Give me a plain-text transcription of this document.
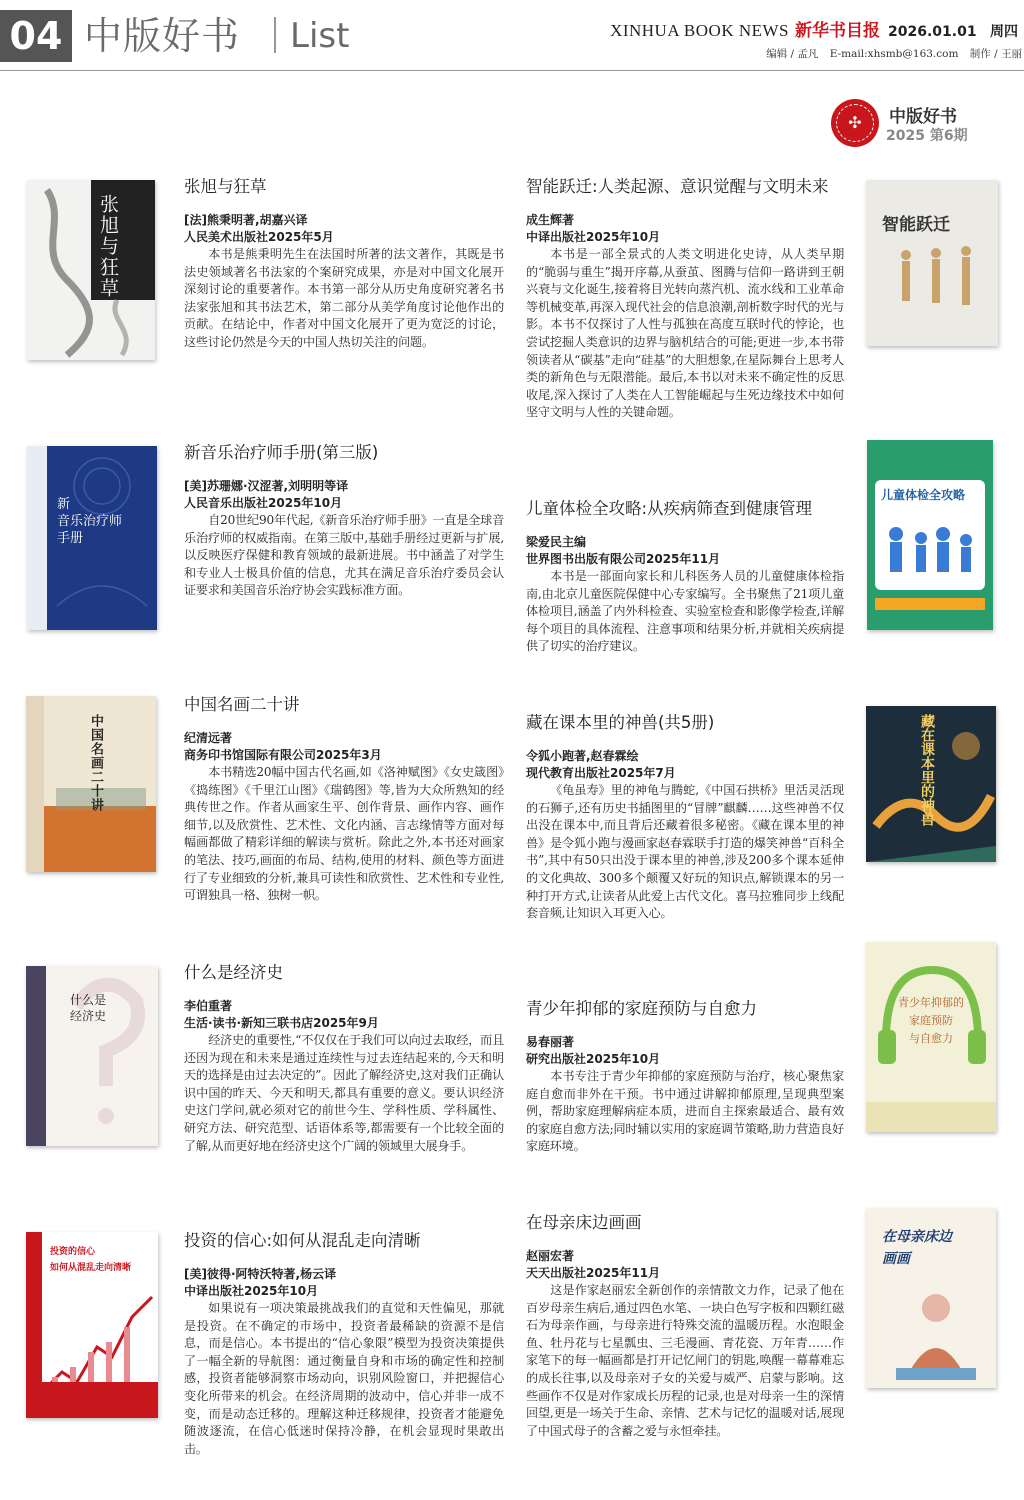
04 中版好书 List	XINHUA BOOK NEWS 新华书目报 2026.01.01 周四
编辑 / 孟凡 E-mail:xhsmb@163.com 制作 / 王丽
✣	中版好书
2025 第6期
张旭与狂草
新
音乐治疗师
手册
中国名画二十讲
什么是
经济史
投资的信心
如何从混乱走向清晰
智能跃迁
儿童体检全攻略
藏在课本里的神兽
青少年抑郁的
家庭预防
与自愈力
在母亲床边
画画
张旭与狂草
[法]熊秉明著,胡嘉兴译
人民美术出版社2025年5月
本书是熊秉明先生在法国时所著的法文著作，其既是书法史领域著名书法家的个案研究成果，亦是对中国文化展开深刻讨论的重要著作。本书第一部分从历史角度研究著名书法家张旭和其书法艺术，第二部分从美学角度讨论他作出的贡献。在结论中，作者对中国文化展开了更为宽泛的讨论，这些讨论仍然是今天的中国人热切关注的问题。
新音乐治疗师手册(第三版)
[美]苏珊娜·汉涩著,刘明明等译
人民音乐出版社2025年10月
自20世纪90年代起,《新音乐治疗师手册》一直是全球音乐治疗师的权威指南。在第三版中,基础手册经过更新与扩展,以反映医疗保健和教育领域的最新进展。书中涵盖了对学生和专业人士极具价值的信息，尤其在满足音乐治疗委员会认证要求和美国音乐治疗协会实践标准方面。
中国名画二十讲
纪清远著
商务印书馆国际有限公司2025年3月
本书精选20幅中国古代名画,如《洛神赋图》《女史箴图》《捣练图》《千里江山图》《瑞鹤图》等,皆为大众所熟知的经典传世之作。作者从画家生平、创作背景、画作内容、画作细节,以及欣赏性、艺术性、文化内涵、言志缘情等方面对每幅画都做了精彩详细的解读与赏析。除此之外,本书还对画家的笔法、技巧,画面的布局、结构,使用的材料、颜色等方面进行了专业细致的分析,兼具可读性和欣赏性、艺术性和专业性,可谓独具一格、独树一帜。
什么是经济史
李伯重著
生活·读书·新知三联书店2025年9月
经济史的重要性,“不仅仅在于我们可以向过去取经，而且还因为现在和未来是通过连续性与过去连结起来的,今天和明天的选择是由过去决定的”。因此了解经济史,这对我们正确认识中国的昨天、今天和明天,都具有重要的意义。要认识经济史这门学问,就必须对它的前世今生、学科性质、学科属性、研究方法、研究范型、话语体系等,都需要有一个比较全面的了解,从而更好地在经济史这个广阔的领域里大展身手。
投资的信心:如何从混乱走向清晰
[美]彼得·阿特沃特著,杨云译
中译出版社2025年10月
如果说有一项决策最挑战我们的直觉和天性偏见，那就是投资。在不确定的市场中，投资者最稀缺的资源不是信息，而是信心。本书提出的“信心象限”模型为投资决策提供了一幅全新的导航图：通过衡量自身和市场的确定性和控制感，投资者能够洞察市场动向，识别风险窗口，并把握信心变化所带来的机会。在经济周期的波动中，信心并非一成不变，而是动态迁移的。理解这种迁移规律，投资者才能避免随波逐流，在信心低迷时保持冷静，在机会显现时果敢出击。
智能跃迁:人类起源、意识觉醒与文明未来
成生辉著
中译出版社2025年10月
本书是一部全景式的人类文明进化史诗，从人类早期的“脆弱与重生”揭开序幕,从蚕茧、图腾与信仰一路讲到王朝兴衰与文化诞生,接着将目光转向蒸汽机、流水线和工业革命等机械变革,再深入现代社会的信息浪潮,剖析数字时代的光与影。本书不仅探讨了人性与孤独在高度互联时代的悖论，也尝试挖掘人类意识的边界与脑机结合的可能;更进一步,本书带领读者从“碳基”走向“硅基”的大胆想象,在星际舞台上思考人类的新角色与无限潜能。最后,本书以对未来不确定性的反思收尾,深入探讨了人类在人工智能崛起与生死边缘技术中如何坚守文明与人性的关键命题。
儿童体检全攻略:从疾病筛查到健康管理
梁爱民主编
世界图书出版有限公司2025年11月
本书是一部面向家长和儿科医务人员的儿童健康体检指南,由北京儿童医院保健中心专家编写。全书聚焦了21项儿童体检项目,涵盖了内外科检查、实验室检查和影像学检查,详解每个项目的具体流程、注意事项和结果分析,并就相关疾病提供了切实的治疗建议。
藏在课本里的神兽(共5册)
令狐小跑著,赵春霖绘
现代教育出版社2025年7月
《龟虽寿》里的神龟与腾蛇,《中国石拱桥》里活灵活现的石狮子,还有历史书插图里的“冒牌”麒麟……这些神兽不仅出没在课本中,而且背后还藏着很多秘密。《藏在课本里的神兽》是令狐小跑与漫画家赵春霖联手打造的爆笑神兽“百科全书”,其中有50只出没于课本里的神兽,涉及200多个课本延伸的文化典故、300多个颠覆又好玩的知识点,解锁课本的另一种打开方式,让读者从此爱上古代文化。喜马拉雅同步上线配套音频,让知识入耳更入心。
青少年抑郁的家庭预防与自愈力
易春丽著
研究出版社2025年10月
本书专注于青少年抑郁的家庭预防与治疗，核心聚焦家庭自愈而非外在干预。书中通过讲解抑郁原理,呈现典型案例，帮助家庭理解病症本质，进而自主探索最适合、最有效的家庭自愈方法;同时辅以实用的家庭调节策略,助力营造良好家庭环境。
在母亲床边画画
赵丽宏著
天天出版社2025年11月
这是作家赵丽宏全新创作的亲情散文力作，记录了他在百岁母亲生病后,通过四色水笔、一块白色写字板和四颗红磁石为母亲作画，与母亲进行特殊交流的温暖历程。水泡眼金鱼、牡丹花与七星瓢虫、三毛漫画、青花瓷、万年青……作家笔下的每一幅画都是打开记忆闸门的钥匙,唤醒一幕幕难忘的成长往事,以及母亲对子女的关爱与威严、启蒙与影响。这些画作不仅是对作家成长历程的记录,也是对母亲一生的深情回望,更是一场关于生命、亲情、艺术与记忆的温暖对话,展现了中国式母子的含蓄之爱与永恒牵挂。
